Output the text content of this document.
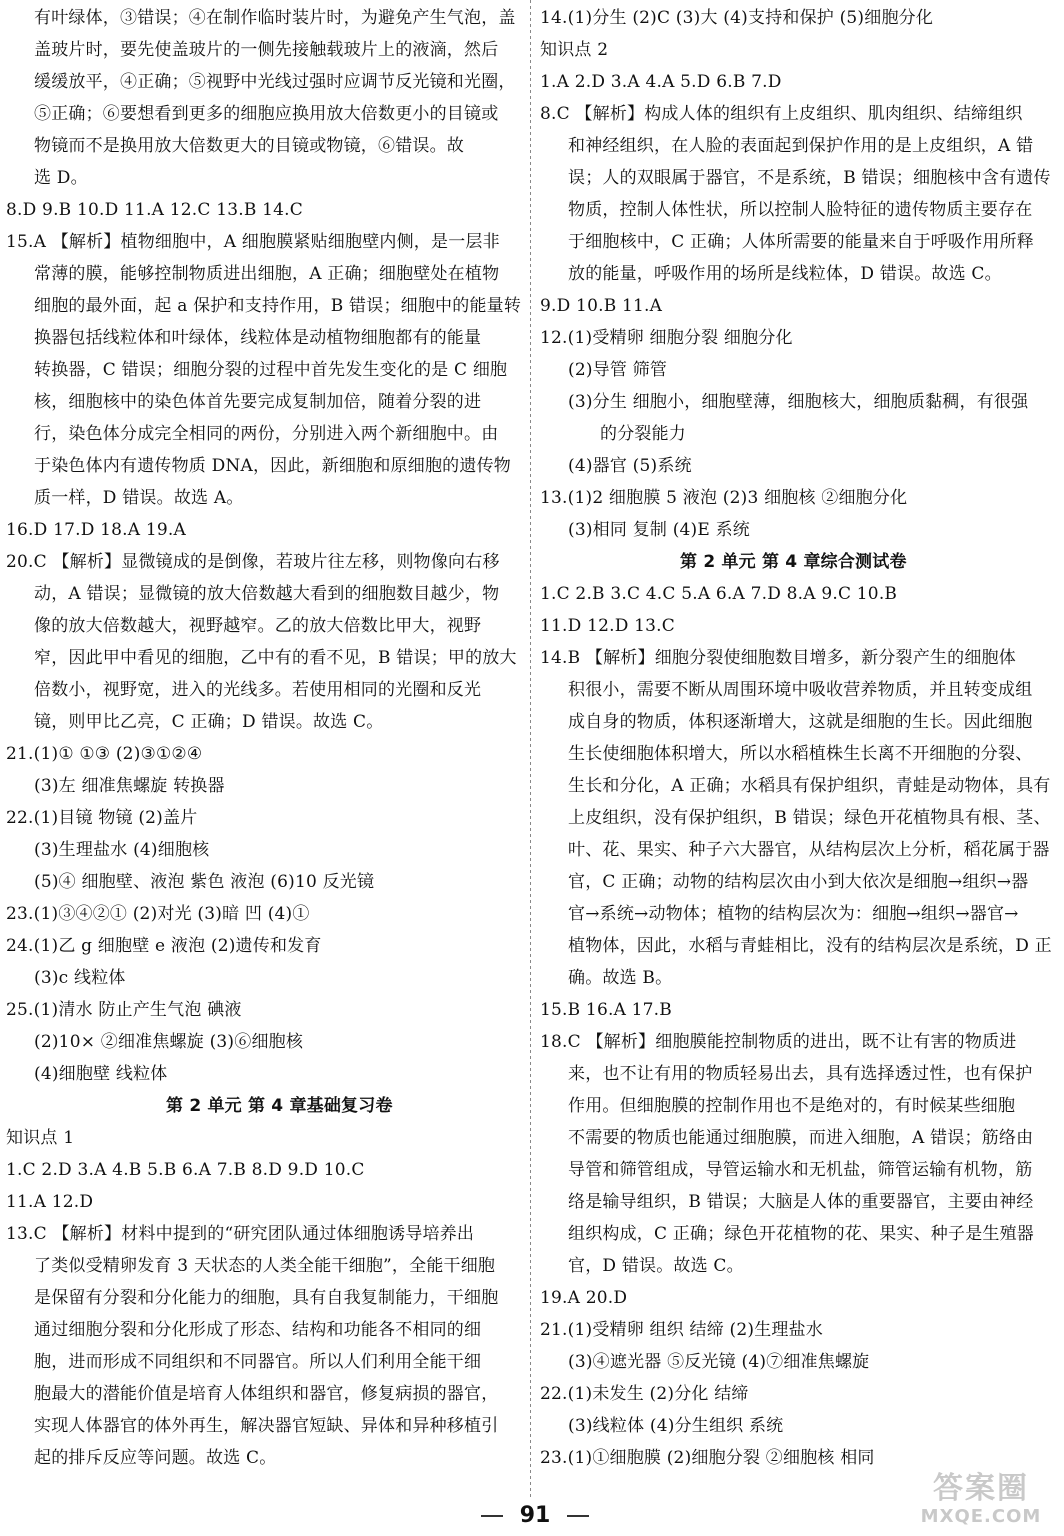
有叶绿体，③错误；④在制作临时装片时，为避免产生气泡，盖
盖玻片时，要先使盖玻片的一侧先接触载玻片上的液滴，然后
缓缓放平，④正确；⑤视野中光线过强时应调节反光镜和光圈，
⑤正确；⑥要想看到更多的细胞应换用放大倍数更小的目镜或
物镜而不是换用放大倍数更大的目镜或物镜，⑥错误。故
选 D。
8.D 9.B 10.D 11.A 12.C 13.B 14.C
15.A 【解析】植物细胞中，A 细胞膜紧贴细胞壁内侧，是一层非
常薄的膜，能够控制物质进出细胞，A 正确；细胞壁处在植物
细胞的最外面，起 a 保护和支持作用，B 错误；细胞中的能量转
换器包括线粒体和叶绿体，线粒体是动植物细胞都有的能量
转换器，C 错误；细胞分裂的过程中首先发生变化的是 C 细胞
核，细胞核中的染色体首先要完成复制加倍，随着分裂的进
行，染色体分成完全相同的两份，分别进入两个新细胞中。由
于染色体内有遗传物质 DNA，因此，新细胞和原细胞的遗传物
质一样，D 错误。故选 A。
16.D 17.D 18.A 19.A
20.C 【解析】显微镜成的是倒像，若玻片往左移，则物像向右移
动，A 错误；显微镜的放大倍数越大看到的细胞数目越少，物
像的放大倍数越大，视野越窄。乙的放大倍数比甲大，视野
窄，因此甲中看见的细胞，乙中有的看不见，B 错误；甲的放大
倍数小，视野宽，进入的光线多。若使用相同的光圈和反光
镜，则甲比乙亮，C 正确；D 错误。故选 C。
21.(1)① ①③ (2)③①②④
(3)左 细准焦螺旋 转换器
22.(1)目镜 物镜 (2)盖片
(3)生理盐水 (4)细胞核
(5)④ 细胞壁、液泡 紫色 液泡 (6)10 反光镜
23.(1)③④②① (2)对光 (3)暗 凹 (4)①
24.(1)乙 g 细胞壁 e 液泡 (2)遗传和发育
(3)c 线粒体
25.(1)清水 防止产生气泡 碘液
(2)10× ②细准焦螺旋 (3)⑥细胞核
(4)细胞壁 线粒体
第 2 单元 第 4 章基础复习卷
知识点 1
1.C 2.D 3.A 4.B 5.B 6.A 7.B 8.D 9.D 10.C
11.A 12.D
13.C 【解析】材料中提到的“研究团队通过体细胞诱导培养出
了类似受精卵发育 3 天状态的人类全能干细胞”，全能干细胞
是保留有分裂和分化能力的细胞，具有自我复制能力，干细胞
通过细胞分裂和分化形成了形态、结构和功能各不相同的细
胞，进而形成不同组织和不同器官。所以人们利用全能干细
胞最大的潜能价值是培育人体组织和器官，修复病损的器官，
实现人体器官的体外再生，解决器官短缺、异体和异种移植引
起的排斥反应等问题。故选 C。
14.(1)分生 (2)C (3)大 (4)支持和保护 (5)细胞分化
知识点 2
1.A 2.D 3.A 4.A 5.D 6.B 7.D
8.C 【解析】构成人体的组织有上皮组织、肌肉组织、结缔组织
和神经组织，在人脸的表面起到保护作用的是上皮组织，A 错
误；人的双眼属于器官，不是系统，B 错误；细胞核中含有遗传
物质，控制人体性状，所以控制人脸特征的遗传物质主要存在
于细胞核中，C 正确；人体所需要的能量来自于呼吸作用所释
放的能量，呼吸作用的场所是线粒体，D 错误。故选 C。
9.D 10.B 11.A
12.(1)受精卵 细胞分裂 细胞分化
(2)导管 筛管
(3)分生 细胞小，细胞壁薄，细胞核大，细胞质黏稠，有很强
的分裂能力
(4)器官 (5)系统
13.(1)2 细胞膜 5 液泡 (2)3 细胞核 ②细胞分化
(3)相同 复制 (4)E 系统
第 2 单元 第 4 章综合测试卷
1.C 2.B 3.C 4.C 5.A 6.A 7.D 8.A 9.C 10.B
11.D 12.D 13.C
14.B 【解析】细胞分裂使细胞数目增多，新分裂产生的细胞体
积很小，需要不断从周围环境中吸收营养物质，并且转变成组
成自身的物质，体积逐渐增大，这就是细胞的生长。因此细胞
生长使细胞体积增大，所以水稻植株生长离不开细胞的分裂、
生长和分化，A 正确；水稻具有保护组织，青蛙是动物体，具有
上皮组织，没有保护组织，B 错误；绿色开花植物具有根、茎、
叶、花、果实、种子六大器官，从结构层次上分析，稻花属于器
官，C 正确；动物的结构层次由小到大依次是细胞→组织→器
官→系统→动物体；植物的结构层次为：细胞→组织→器官→
植物体，因此，水稻与青蛙相比，没有的结构层次是系统，D 正
确。故选 B。
15.B 16.A 17.B
18.C 【解析】细胞膜能控制物质的进出，既不让有害的物质进
来，也不让有用的物质轻易出去，具有选择透过性，也有保护
作用。但细胞膜的控制作用也不是绝对的，有时候某些细胞
不需要的物质也能通过细胞膜，而进入细胞，A 错误；筋络由
导管和筛管组成，导管运输水和无机盐，筛管运输有机物，筋
络是输导组织，B 错误；大脑是人体的重要器官，主要由神经
组织构成，C 正确；绿色开花植物的花、果实、种子是生殖器
官，D 错误。故选 C。
19.A 20.D
21.(1)受精卵 组织 结缔 (2)生理盐水
(3)④遮光器 ⑤反光镜 (4)⑦细准焦螺旋
22.(1)未发生 (2)分化 结缔
(3)线粒体 (4)分生组织 系统
23.(1)①细胞膜 (2)细胞分裂 ②细胞核 相同
91
答案圈
MXQE.COM
